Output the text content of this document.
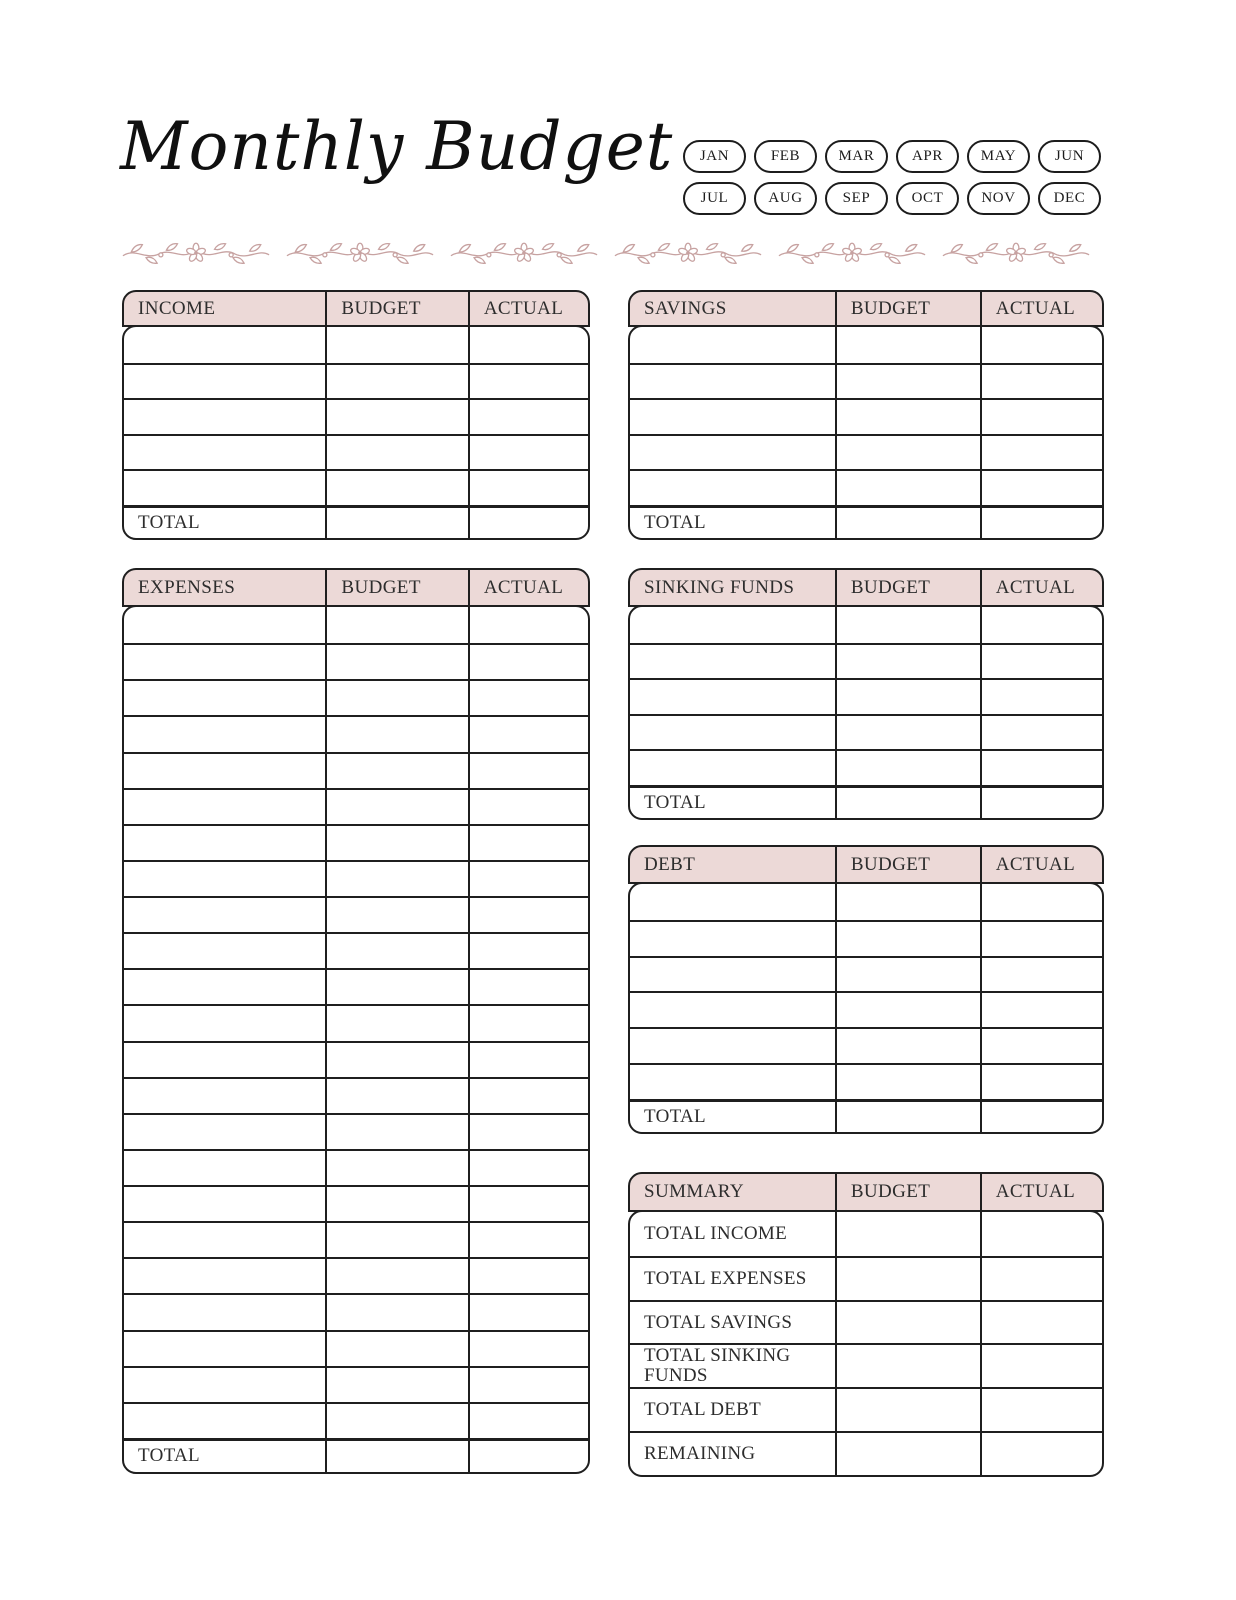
Monthly Budget	JAN	FEB	MAR	APR	MAY	JUN
JUL	AUG	SEP	OCT	NOV	DEC
INCOME	BUDGET	ACTUAL
TOTAL
SAVINGS	BUDGET	ACTUAL
TOTAL
EXPENSES	BUDGET	ACTUAL
TOTAL
SINKING FUNDS	BUDGET	ACTUAL
TOTAL
DEBT	BUDGET	ACTUAL
TOTAL
SUMMARY	BUDGET	ACTUAL
TOTAL INCOME
TOTAL EXPENSES
TOTAL SAVINGS
TOTAL SINKING FUNDS
TOTAL DEBT
REMAINING
